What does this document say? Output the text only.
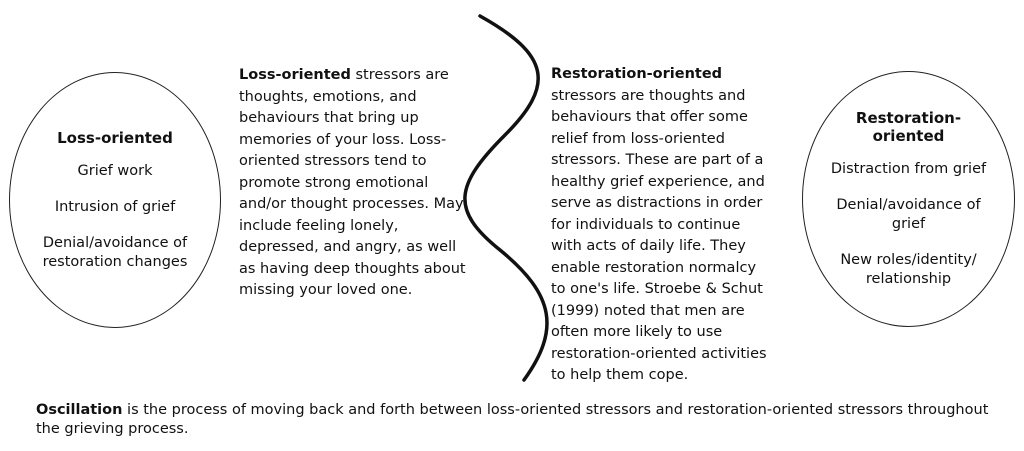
Loss-oriented
Grief work
Intrusion of grief
Denial/avoidance of restoration changes
Loss-oriented stressors are thoughts, emotions, and behaviours that bring up memories of your loss. Loss-oriented stressors tend to promote strong emotional and/or thought processes. May include feeling lonely, depressed, and angry, as well as having deep thoughts about missing your loved one.
Restoration-oriented
stressors are thoughts and behaviours that offer some relief from loss-oriented stressors. These are part of a healthy grief experience, and serve as distractions in order for individuals to continue with acts of daily life. They enable restoration normalcy to one's life. Stroebe & Schut (1999) noted that men are often more likely to use restoration-oriented activities to help them cope.
Restoration-oriented
Distraction from grief
Denial/avoidance of grief
New roles/identity/ relationship
Oscillation is the process of moving back and forth between loss-oriented stressors and restoration-oriented stressors throughout the grieving process.
